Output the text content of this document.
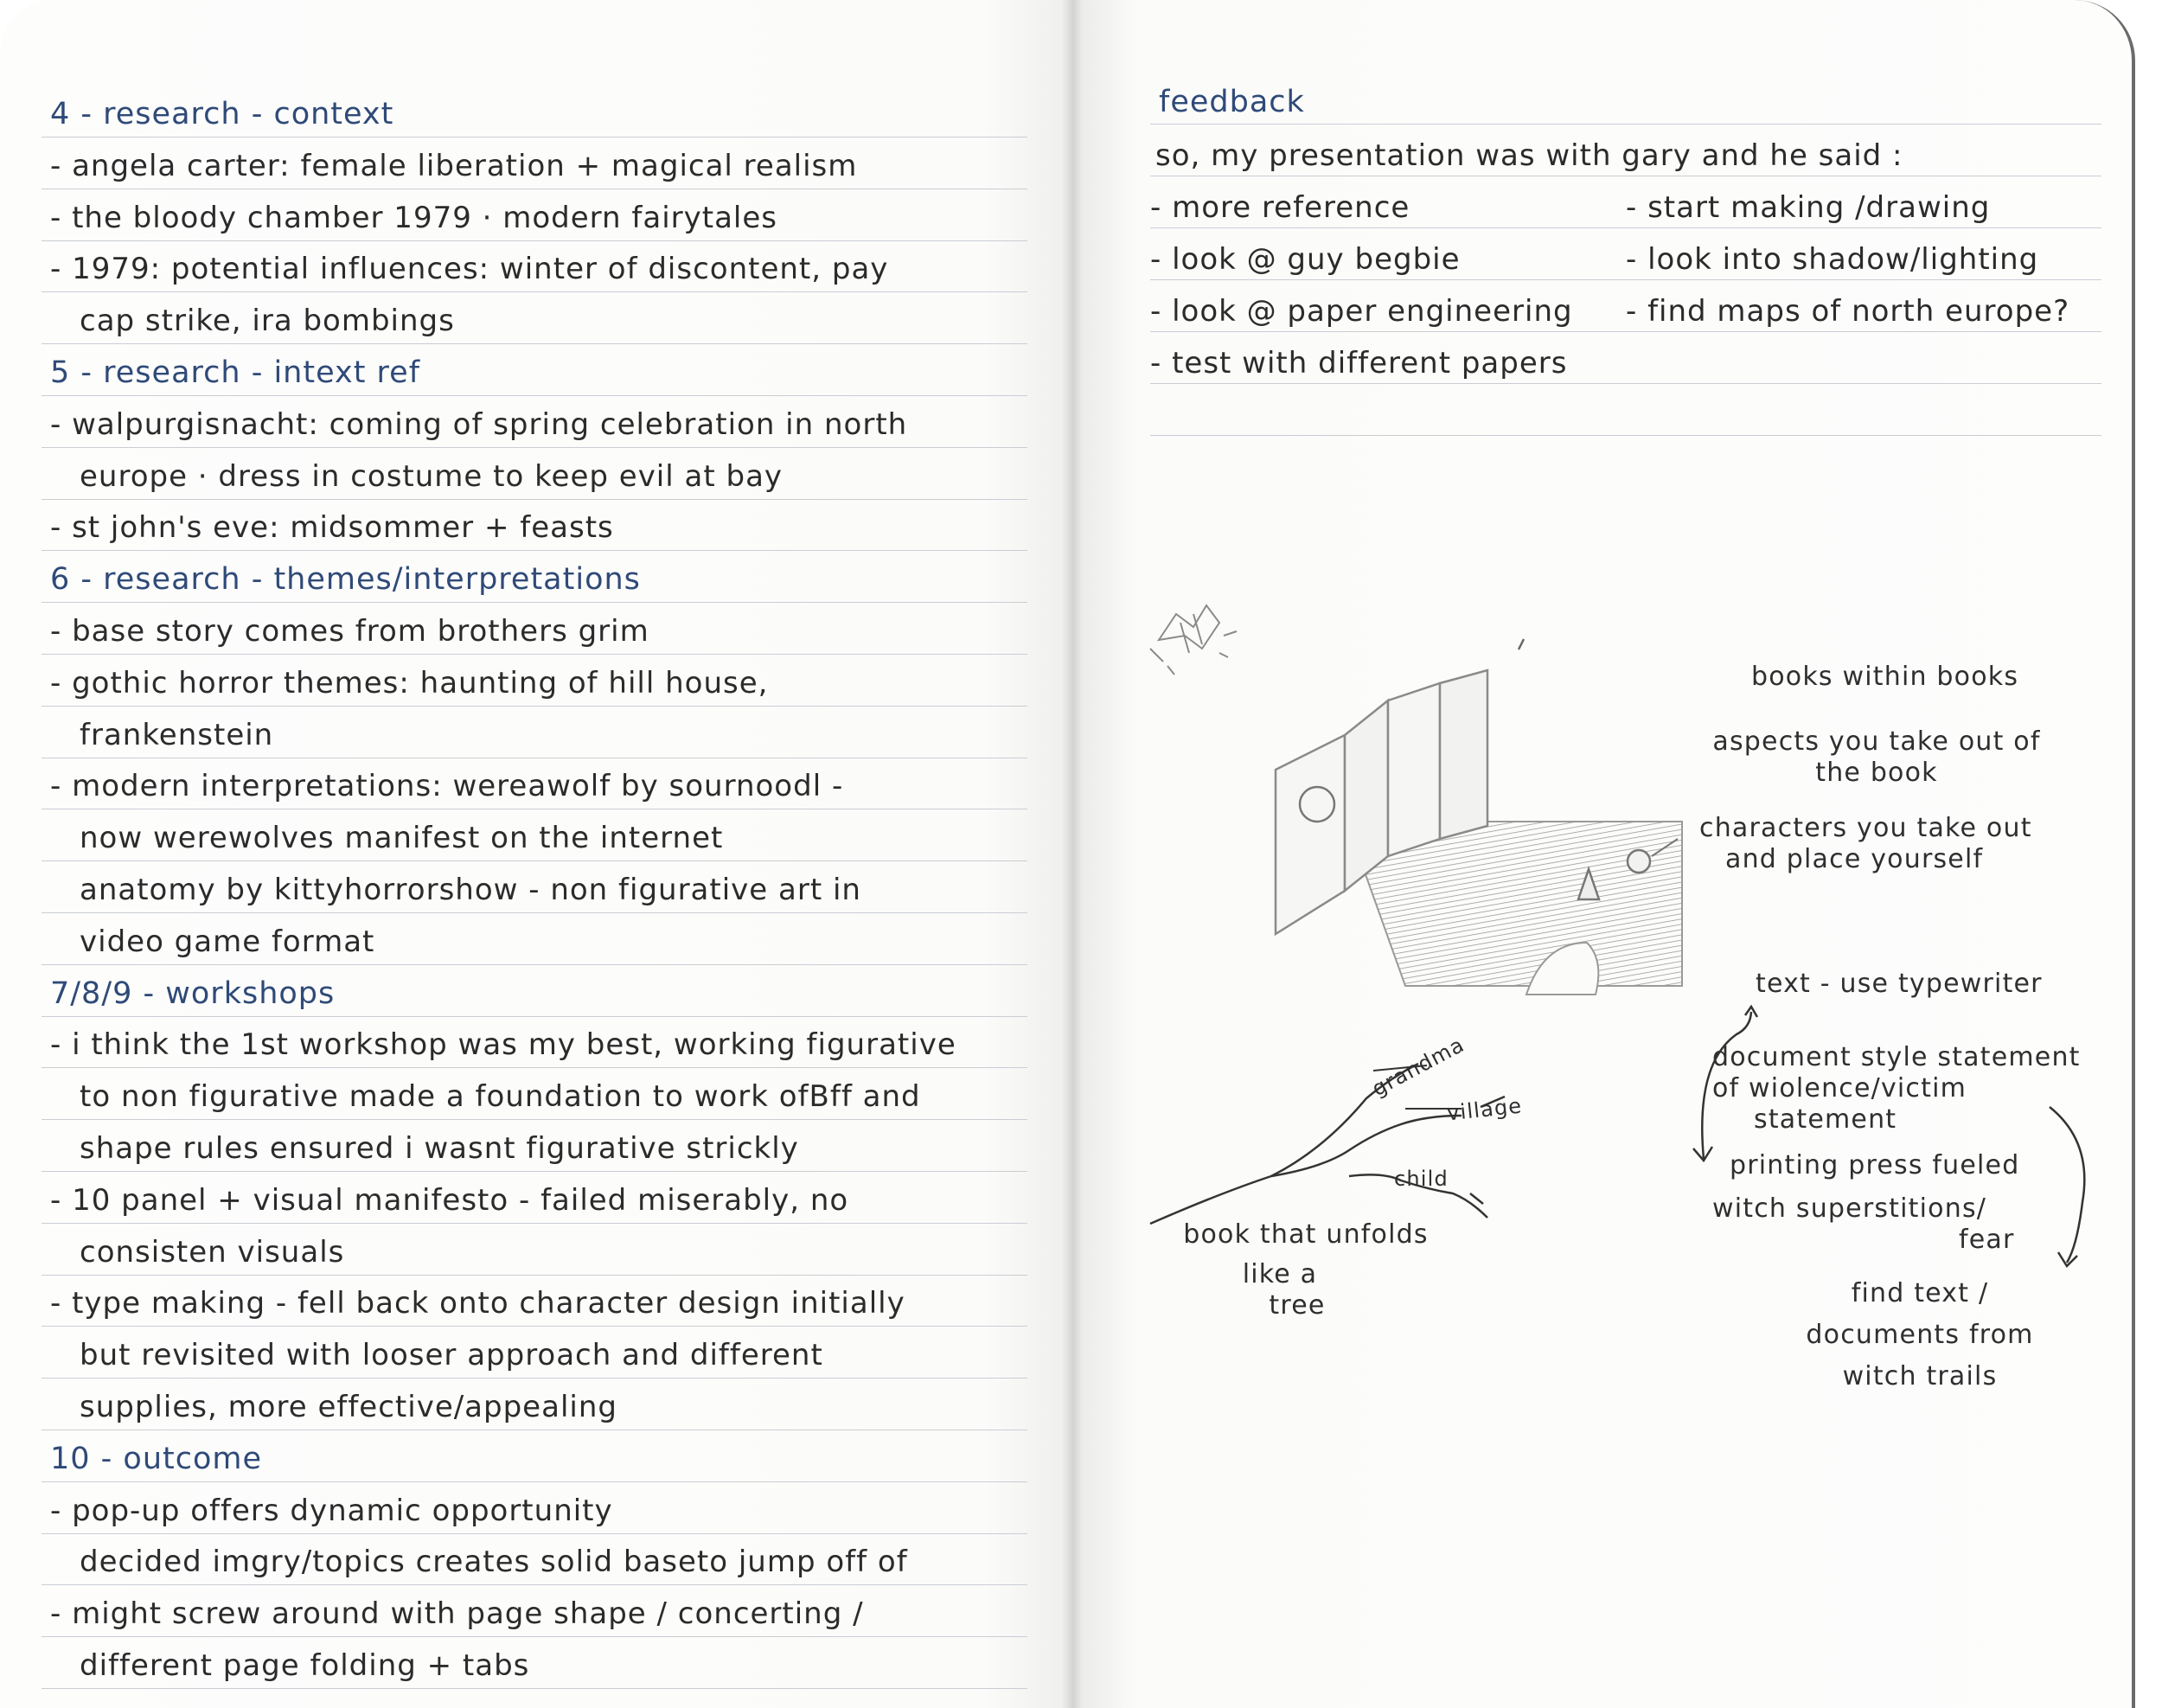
4 - research - context
- angela carter: female liberation + magical realism
- the bloody chamber 1979 · modern fairytales
- 1979: potential influences: winter of discontent, pay
cap strike, ira bombings
5 - research - intext ref
- walpurgisnacht: coming of spring celebration in north
europe · dress in costume to keep evil at bay
- st john's eve: midsommer + feasts
6 - research - themes/interpretations
- base story comes from brothers grim
- gothic horror themes: haunting of hill house,
frankenstein
- modern interpretations: wereawolf by sournoodl -
now werewolves manifest on the internet
anatomy by kittyhorrorshow - non figurative art in
video game format
7/8/9 - workshops
- i think the 1st workshop was my best, working figurative
to non figurative made a foundation to work ofBff and
shape rules ensured i wasnt figurative strickly
- 10 panel + visual manifesto - failed miserably, no
consisten visuals
- type making - fell back onto character design initially
but revisited with looser approach and different
supplies, more effective/appealing
10 - outcome
- pop-up offers dynamic opportunity
decided imgry/topics creates solid baseto jump off of
- might screw around with page shape / concerting /
different page folding + tabs
feedback
so, my presentation was with gary and he said :
- more reference
- look @ guy begbie
- look @ paper engineering
- test with different papers
- start making /drawing
- look into shadow/lighting
- find maps of north europe?
books within books
aspects you take out of
the book
characters you take out
and place yourself
text - use typewriter
document style statement
of wiolence/victim
statement
printing press fueled
witch superstitions/
fear
find text /
documents from
witch trails
grandma
village
child
book that unfolds
like a
tree
